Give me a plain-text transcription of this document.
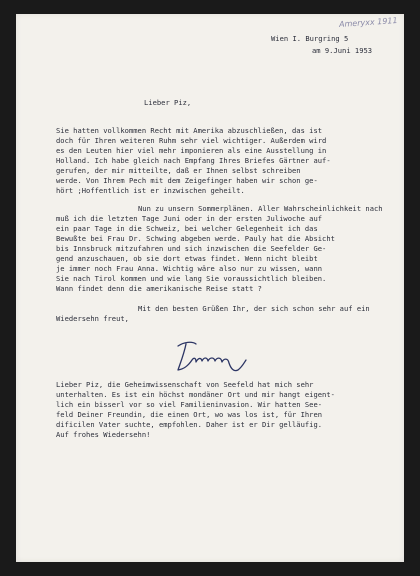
Ameryxx 1911
Wien I. Burgring 5
am 9.Juni 1953
Lieber Piz,
Sie hatten vollkommen Recht mit Amerika abzuschließen, das ist
doch für Ihren weiteren Ruhm sehr viel wichtiger. Außerdem wird
es den Leuten hier viel mehr imponieren als eine Ausstellung in
Holland. Ich habe gleich nach Empfang Ihres Briefes Gärtner auf-
gerufen, der mir mitteilte, daß er Ihnen selbst schreiben
werde. Von Ihrem Pech mit dem Zeigefinger haben wir schon ge-
hört ;Hoffentlich ist er inzwischen geheilt.
Nun zu unsern Sommerplänen. Aller Wahrscheinlichkeit nach
muß ich die letzten Tage Juni oder in der ersten Juliwoche auf
ein paar Tage in die Schweiz, bei welcher Gelegenheit ich das
Bewußte bei Frau Dr. Schwing abgeben werde. Pauly hat die Absicht
bis Innsbruck mitzufahren und sich inzwischen die Seefelder Ge-
gend anzuschauen, ob sie dort etwas findet. Wenn nicht bleibt
je immer noch Frau Anna. Wichtig wäre also nur zu wissen, wann
Sie nach Tirol kommen und wie lang Sie voraussichtlich bleiben.
Wann findet denn die amerikanische Reise statt ?
Mit den besten Grüßen Ihr, der sich schon sehr auf ein
Wiedersehn freut,
Lieber Piz, die Geheimwissenschaft von Seefeld hat mich sehr
unterhalten. Es ist ein höchst mondäner Ort und mir hangt eigent-
lich ein bisserl vor so viel Familieninvasion. Wir hatten See-
feld Deiner Freundin, die einen Ort, wo was los ist, für Ihren
dificilen Vater suchte, empfohlen. Daher ist er Dir gelläufig.
Auf frohes Wiedersehn!
